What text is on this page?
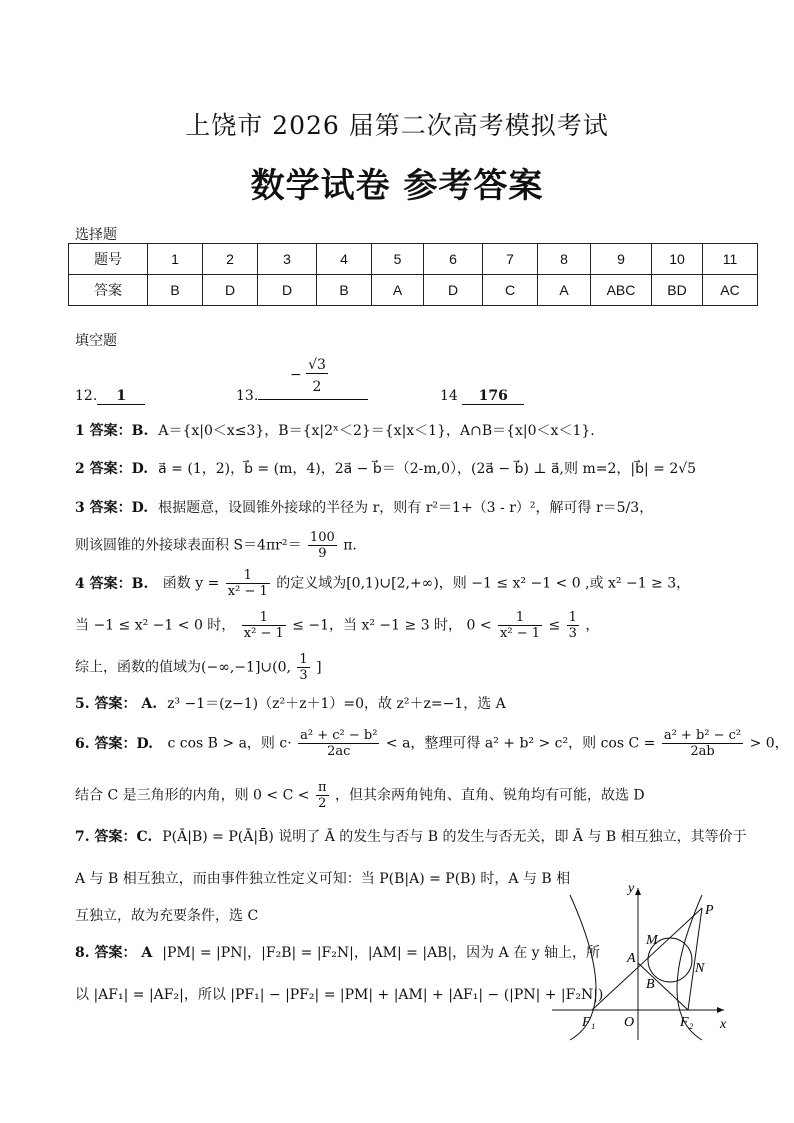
上饶市 2026 届第二次高考模拟考试
数学试卷 参考答案
选择题
题号	1	2	3	4	5	6	7	8	9	10	11
答案	B	D	D	B	A	D	C	A	ABC	BD	AC
填空题
12. 1	13.
−
√3
2
14 176
1 答案：B. A＝{x|0＜x≤3}，B＝{x|2ˣ＜2}＝{x|x＜1}，A∩B＝{x|0＜x＜1}.
2 答案：D. a⃗ = (1，2)，b⃗ = (m，4)，2a⃗ − b⃗＝（2-m,0），(2a⃗ − b⃗) ⊥ a⃗,则 m=2，|b⃗| = 2√5
3 答案：D. 根据题意，设圆锥外接球的半径为 r，则有 r²＝1+（3 - r）²，解可得 r＝5/3，
则该圆锥的外接球表面积 $S=4\pi r^2= \frac{100}{9} \pi$.
4 答案：B. 函数 $y = \frac{1}{\text{x² − 1}}$ 的定义域为[0,1)∪[2,+∞)，则 −1 ≤ x² −1 < 0 ,或 x² −1 ≥ 3，
当 −1 ≤ x² −1 < 0 时， $\frac{1}{\text{x² − 1}} \le -1$，当 x² −1 ≥ 3 时， $0 < \frac{1}{\text{x² − 1}} \le \frac{1}{3}$ ，
综上，函数的值域为(−∞,−1]∪(0, $\frac{1}{3}$ ]
5. 答案： A. z³ −1＝(z−1)（z²＋z＋1）=0，故 z²＋z=−1，选 A
6. 答案：D. c cos B > a，则 $c\cdot \frac{\text{a² + c² − b²}}{2ac} < a$，整理可得 a² + b² > c²，则 $\cos C = \frac{\text{a² + b² − c²}}{2ab} > 0$，
结合 C 是三角形的内角，则 $0 < C < \frac{\pi}{2}$ ，但其余两角钝角、直角、锐角均有可能，故选 D
7. 答案：C. P(Ā|B) = P(Ā|B̄) 说明了 Ā 的发生与否与 B 的发生与否无关，即 Ā 与 B 相互独立，其等价于
A 与 B 相互独立，而由事件独立性定义可知：当 P(B|A) = P(B) 时，A 与 B 相
互独立，故为充要条件，选 C
8. 答案： A |PM| = |PN|，|F₂B| = |F₂N|，|AM| = |AB|，因为 A 在 y 轴上，所
以 |AF₁| = |AF₂|，所以 |PF₁| − |PF₂| = |PM| + |AM| + |AF₁| − (|PN| + |F₂N|)
y
x
P
M
A
N
B
F₁ O	F₂
